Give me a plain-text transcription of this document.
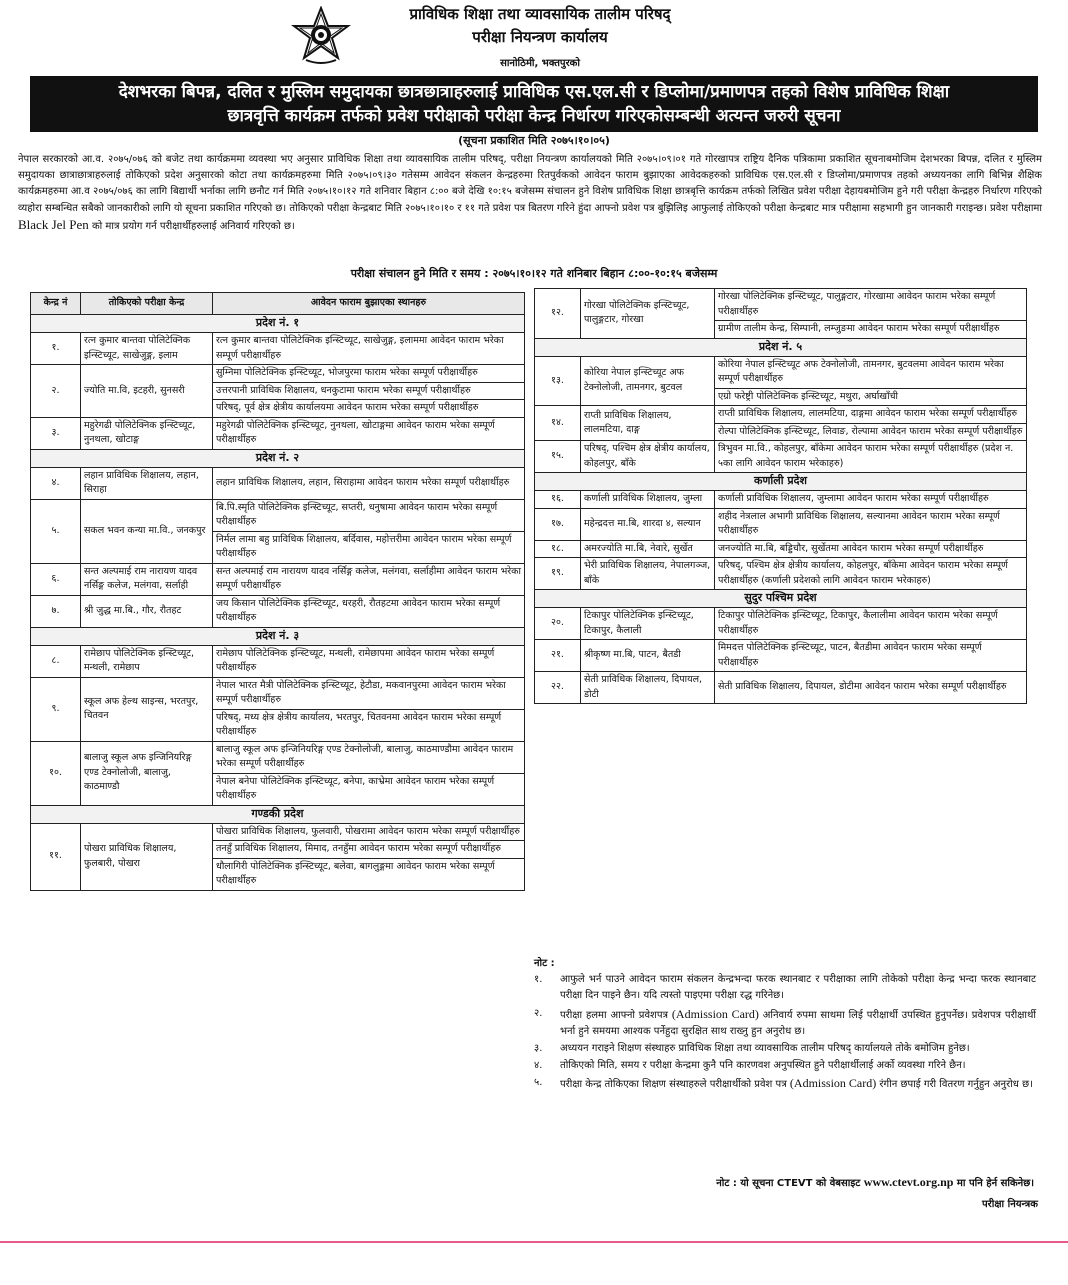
प्राविधिक शिक्षा तथा व्यावसायिक तालीम परिषद्
परीक्षा नियन्त्रण कार्यालय
सानोठिमी, भक्तपुरको
देशभरका बिपन्न, दलित र मुस्लिम समुदायका छात्रछात्राहरुलाई प्राविधिक एस.एल.सी र डिप्लोमा/प्रमाणपत्र तहको विशेष प्राविधिक शिक्षा
छात्रवृत्ति कार्यक्रम तर्फको प्रवेश परीक्षाको परीक्षा केन्द्र निर्धारण गरिएकोसम्बन्धी अत्यन्त जरुरी सूचना
(सूचना प्रकाशित मिति २०७५।१०।०५)
नेपाल सरकारको आ.व. २०७५/०७६ को बजेट तथा कार्यक्रममा व्यवस्था भए अनुसार प्राविधिक शिक्षा तथा व्यावसायिक तालीम परिषद्, परीक्षा नियन्त्रण कार्यालयको मिति २०७५।०९।०१ गते गोरखापत्र राष्ट्रिय दैनिक पत्रिकामा प्रकाशित सूचनाबमोजिम देशभरका बिपन्न, दलित र मुस्लिम समुदायका छात्राछात्राहरुलाई तोकिएको प्रदेश अनुसारको कोटा तथा कार्यक्रमहरुमा मिति २०७५।०९।३० गतेसम्म आवेदन संकलन केन्द्रहरुमा रितपुर्वकको आवेदन फाराम बुझाएका आवेदकहरुको प्राविधिक एस.एल.सी र डिप्लोमा/प्रमाणपत्र तहको अध्ययनका लागि बिभिन्न शैक्षिक कार्यक्रमहरुमा आ.व २०७५/०७६ का लागि बिद्यार्थी भर्नाका लागि छनौट गर्न मिति २०७५।१०।१२ गते शनिवार बिहान ८:०० बजे देखि १०:१५ बजेसम्म संचालन हुने विशेष प्राविधिक शिक्षा छात्रबृत्ति कार्यक्रम तर्फको लिखित प्रवेश परीक्षा देहायबमोजिम हुने गरी परीक्षा केन्द्रहरु निर्धारण गरिएको व्यहोरा सम्बन्धित सबैको जानकारीको लागि यो सूचना प्रकाशित गरिएको छ। तोकिएको परीक्षा केन्द्रबाट मिति २०७५।१०।१० र ११ गते प्रवेश पत्र बितरण गरिने हुंदा आफ्नो प्रवेश पत्र बुझिलिइ आफुलाई तोकिएको परीक्षा केन्द्रबाट मात्र परीक्षामा सहभागी हुन जानकारी गराइन्छ। प्रवेश परीक्षामा Black Jel Pen को मात्र प्रयोग गर्न परीक्षार्थीहरुलाई अनिवार्य गरिएको छ।
परीक्षा संचालन हुने मिति र समय : २०७५।१०।१२ गते शनिबार बिहान ८:००-१०:१५ बजेसम्म
केन्द्र नं	तोकिएको परीक्षा केन्द्र	आवेदन फाराम बुझाएका स्थानहरु
प्रदेश नं. १		
१.	रत्न कुमार बान्तवा पोलिटेक्निक इन्स्टिच्यूट, साखेजुङ्ग, इलाम	रत्न कुमार बान्तवा पोलिटेक्निक इन्स्टिच्यूट, साखेजुङ्ग, इलाममा आवेदन फाराम भरेका सम्पूर्ण परीक्षार्थीहरु
२.	ज्योति मा.वि, इटहरी, सुनसरी	सुम्निमा पोलिटेक्निक इन्स्टिच्यूट, भोजपुरमा फाराम भरेका सम्पूर्ण परीक्षार्थीहरु
		उत्तरपानी प्राविधिक शिक्षालय, धनकुटामा फाराम भरेका सम्पूर्ण परीक्षार्थीहरु
		परिषद्, पूर्व क्षेत्र क्षेत्रीय कार्यालयमा आवेदन फाराम भरेका सम्पूर्ण परीक्षार्थीहरु
३.	महुरेगढी पोलिटेक्निक इन्स्टिच्यूट, नुनथला, खोटाङ्ग	महुरेगढी पोलिटेक्निक इन्स्टिच्यूट, नुनथला, खोटाङ्गमा आवेदन फाराम भरेका सम्पूर्ण परीक्षार्थीहरु
प्रदेश नं. २		
४.	लहान प्राविधिक शिक्षालय, लहान, सिराहा	लहान प्राविधिक शिक्षालय, लहान, सिराहामा आवेदन फाराम भरेका सम्पूर्ण परीक्षार्थीहरु
५.	सकल भवन कन्या मा.वि., जनकपुर	बि.पि.स्मृति पोलिटेक्निक इन्स्टिच्यूट, सप्तरी, धनुषामा आवेदन फाराम भरेका सम्पूर्ण परीक्षार्थीहरु
		निर्मल लामा बहु प्राविधिक शिक्षालय, बर्दिवास, महोत्तरीमा आवेदन फाराम भरेका सम्पूर्ण परीक्षार्थीहरु
६.	सन्त अल्पमाई राम नारायण यादव नर्सिङ्ग कलेज, मलंगवा, सर्लाही	सन्त अल्पमाई राम नारायण यादव नर्सिङ्ग कलेज, मलंगवा, सर्लाहीमा आवेदन फाराम भरेका सम्पूर्ण परीक्षार्थीहरु
७.	श्री जुद्ध मा.बि., गौर, रौतहट	जय किसान पोलिटेक्निक इन्स्टिच्यूट, धरहरी, रौतहटमा आवेदन फाराम भरेका सम्पूर्ण परीक्षार्थीहरु
प्रदेश नं. ३		
८.	रामेछाप पोलिटेक्निक इन्स्टिच्यूट, मन्थली, रामेछाप	रामेछाप पोलिटेक्निक इन्स्टिच्यूट, मन्थली, रामेछापमा आवेदन फाराम भरेका सम्पूर्ण परीक्षार्थीहरु
९.	स्कूल अफ हेल्थ साइन्स, भरतपुर, चितवन	नेपाल भारत मैत्री पोलिटेक्निक इन्स्टिच्यूट, हेटौडा, मकवानपुरमा आवेदन फाराम भरेका सम्पूर्ण परीक्षार्थीहरु
		परिषद्, मध्य क्षेत्र क्षेत्रीय कार्यालय, भरतपुर, चितवनमा आवेदन फाराम भरेका सम्पूर्ण परीक्षार्थीहरु
१०.	बालाजु स्कूल अफ इन्जिनियरिङ्ग एण्ड टेक्नोलोजी, बालाजु, काठमाण्डौ	बालाजु स्कूल अफ इन्जिनियरिङ्ग एण्ड टेक्नोलोजी, बालाजु, काठमाण्डौमा आवेदन फाराम भरेका सम्पूर्ण परीक्षार्थीहरु
		नेपाल बनेपा पोलिटेक्निक इन्स्टिच्यूट, बनेपा, काभ्रेमा आवेदन फाराम भरेका सम्पूर्ण परीक्षार्थीहरु
गण्डकी प्रदेश		
११.	पोखरा प्राविधिक शिक्षालय, फुलबारी, पोखरा	पोखरा प्राविधिक शिक्षालय, फुलवारी, पोखरामा आवेदन फाराम भरेका सम्पूर्ण परीक्षार्थीहरु
		तनहुँ प्राविधिक शिक्षालय, मिमाद, तनहुँमा आवेदन फाराम भरेका सम्पूर्ण परीक्षार्थीहरु
		धौलागिरी पोलिटेक्निक इन्स्टिच्यूट, बलेवा, बागलुङ्गमा आवेदन फाराम भरेका सम्पूर्ण परीक्षार्थीहरु
१२.	गोरखा पोलिटेक्निक इन्स्टिच्यूट, पालुङ्गटार, गोरखा	गोरखा पोलिटेक्निक इन्स्टिच्यूट, पालुङ्गटार, गोरखामा आवेदन फाराम भरेका सम्पूर्ण परीक्षार्थीहरु
		ग्रामीण तालीम केन्द्र, सिम्पानी, लम्जुङमा आवेदन फाराम भरेका सम्पूर्ण परीक्षार्थीहरु
प्रदेश नं. ५		
१३.	कोरिया नेपाल इन्स्टिच्यूट अफ टेक्नोलोजी, तामनगर, बुटवल	कोरिया नेपाल इन्स्टिच्यूट अफ टेक्नोलोजी, तामनगर, बुटवलमा आवेदन फाराम भरेका सम्पूर्ण परीक्षार्थीहरु
		एग्रो फरेष्ट्री पोलिटेक्निक इन्स्टिच्यूट, मथुरा, अर्घाखाँची
१४.	राप्ती प्राविधिक शिक्षालय, लालमटिया, दाङ्ग	राप्ती प्राविधिक शिक्षालय, लालमटिया, दाङ्गमा आवेदन फाराम भरेका सम्पूर्ण परीक्षार्थीहरु
		रोल्पा पोलिटेक्निक इन्स्टिच्यूट, लिवाङ, रोल्पामा आवेदन फाराम भरेका सम्पूर्ण परीक्षार्थीहरु
१५.	परिषद्, पश्चिम क्षेत्र क्षेत्रीय कार्यालय, कोहलपुर, बाँके	त्रिभुवन मा.वि., कोहलपुर, बाँकेमा आवेदन फाराम भरेका सम्पूर्ण परीक्षार्थीहरु (प्रदेश न. ५का लागि आवेदन फाराम भरेकाहरु)
कर्णाली प्रदेश		
१६.	कर्णाली प्राविधिक शिक्षालय, जुम्ला	कर्णाली प्राविधिक शिक्षालय, जुम्लामा आवेदन फाराम भरेका सम्पूर्ण परीक्षार्थीहरु
१७.	महेन्द्रदत्त मा.बि, शारदा ४, सल्यान	शहीद नेत्रलाल अभागी प्राविधिक शिक्षालय, सल्यानमा आवेदन फाराम भरेका सम्पूर्ण परीक्षार्थीहरु
१८.	अमरज्योति मा.बि, नेवारे, सुर्खेत	जनज्योति मा.बि, बड्डिचौर, सुर्खेतमा आवेदन फाराम भरेका सम्पूर्ण परीक्षार्थीहरु
१९.	भेरी प्राविधिक शिक्षालय, नेपालगञ्ज, बाँके	परिषद्, पश्चिम क्षेत्र क्षेत्रीय कार्यालय, कोहलपुर, बाँकेमा आवेदन फाराम भरेका सम्पूर्ण परीक्षार्थीहरु (कर्णाली प्रदेशको लागि आवेदन फाराम भरेकाहरु)
सुदुर पश्चिम प्रदेश		
२०.	टिकापुर पोलिटेक्निक इन्स्टिच्यूट, टिकापुर, कैलाली	टिकापुर पोलिटेक्निक इन्स्टिच्यूट, टिकापुर, कैलालीमा आवेदन फाराम भरेका सम्पूर्ण परीक्षार्थीहरु
२१.	श्रीकृष्ण मा.बि, पाटन, बैतडी	मिमदत्त पोलिटेक्निक इन्स्टिच्यूट, पाटन, बैतडीमा आवेदन फाराम भरेका सम्पूर्ण परीक्षार्थीहरु
२२.	सेती प्राविधिक शिक्षालय, दिपायल, डोटी	सेती प्राविधिक शिक्षालय, दिपायल, डोटीमा आवेदन फाराम भरेका सम्पूर्ण परीक्षार्थीहरु
नोट :
१. आफुले भर्न पाउने आवेदन फाराम संकलन केन्द्रभन्दा फरक स्थानबाट र परीक्षाका लागि तोकेको परीक्षा केन्द्र भन्दा फरक स्थानबाट परीक्षा दिन पाइने छैन। यदि त्यस्तो पाइएमा परीक्षा रद्ध गरिनेछ।
२. परीक्षा हलमा आफ्नो प्रवेशपत्र (Admission Card) अनिवार्य रुपमा साथमा लिई परीक्षार्थी उपस्थित हुनुपर्नेछ। प्रवेशपत्र परीक्षार्थी भर्ना हुने समयमा आश्यक पर्नेहुदा सुरक्षित साथ राख्नु हुन अनुरोध छ।
३. अध्ययन गराइने शिक्षण संस्थाहरु प्राविधिक शिक्षा तथा व्यावसायिक तालीम परिषद् कार्यालयले तोके बमोजिम हुनेछ।
४. तोकिएको मिति, समय र परीक्षा केन्द्रमा कुनै पनि कारणवश अनुपस्थित हुने परीक्षार्थीलाई अर्को व्यवस्था गरिने छैन।
५. परीक्षा केन्द्र तोकिएका शिक्षण संस्थाहरुले परीक्षार्थीको प्रवेश पत्र (Admission Card) रंगीन छपाई गरी वितरण गर्नुहुन अनुरोध छ।
नोट : यो सूचना CTEVT को वेबसाइट www.ctevt.org.np मा पनि हेर्न सकिनेछ।
परीक्षा नियन्त्रक
